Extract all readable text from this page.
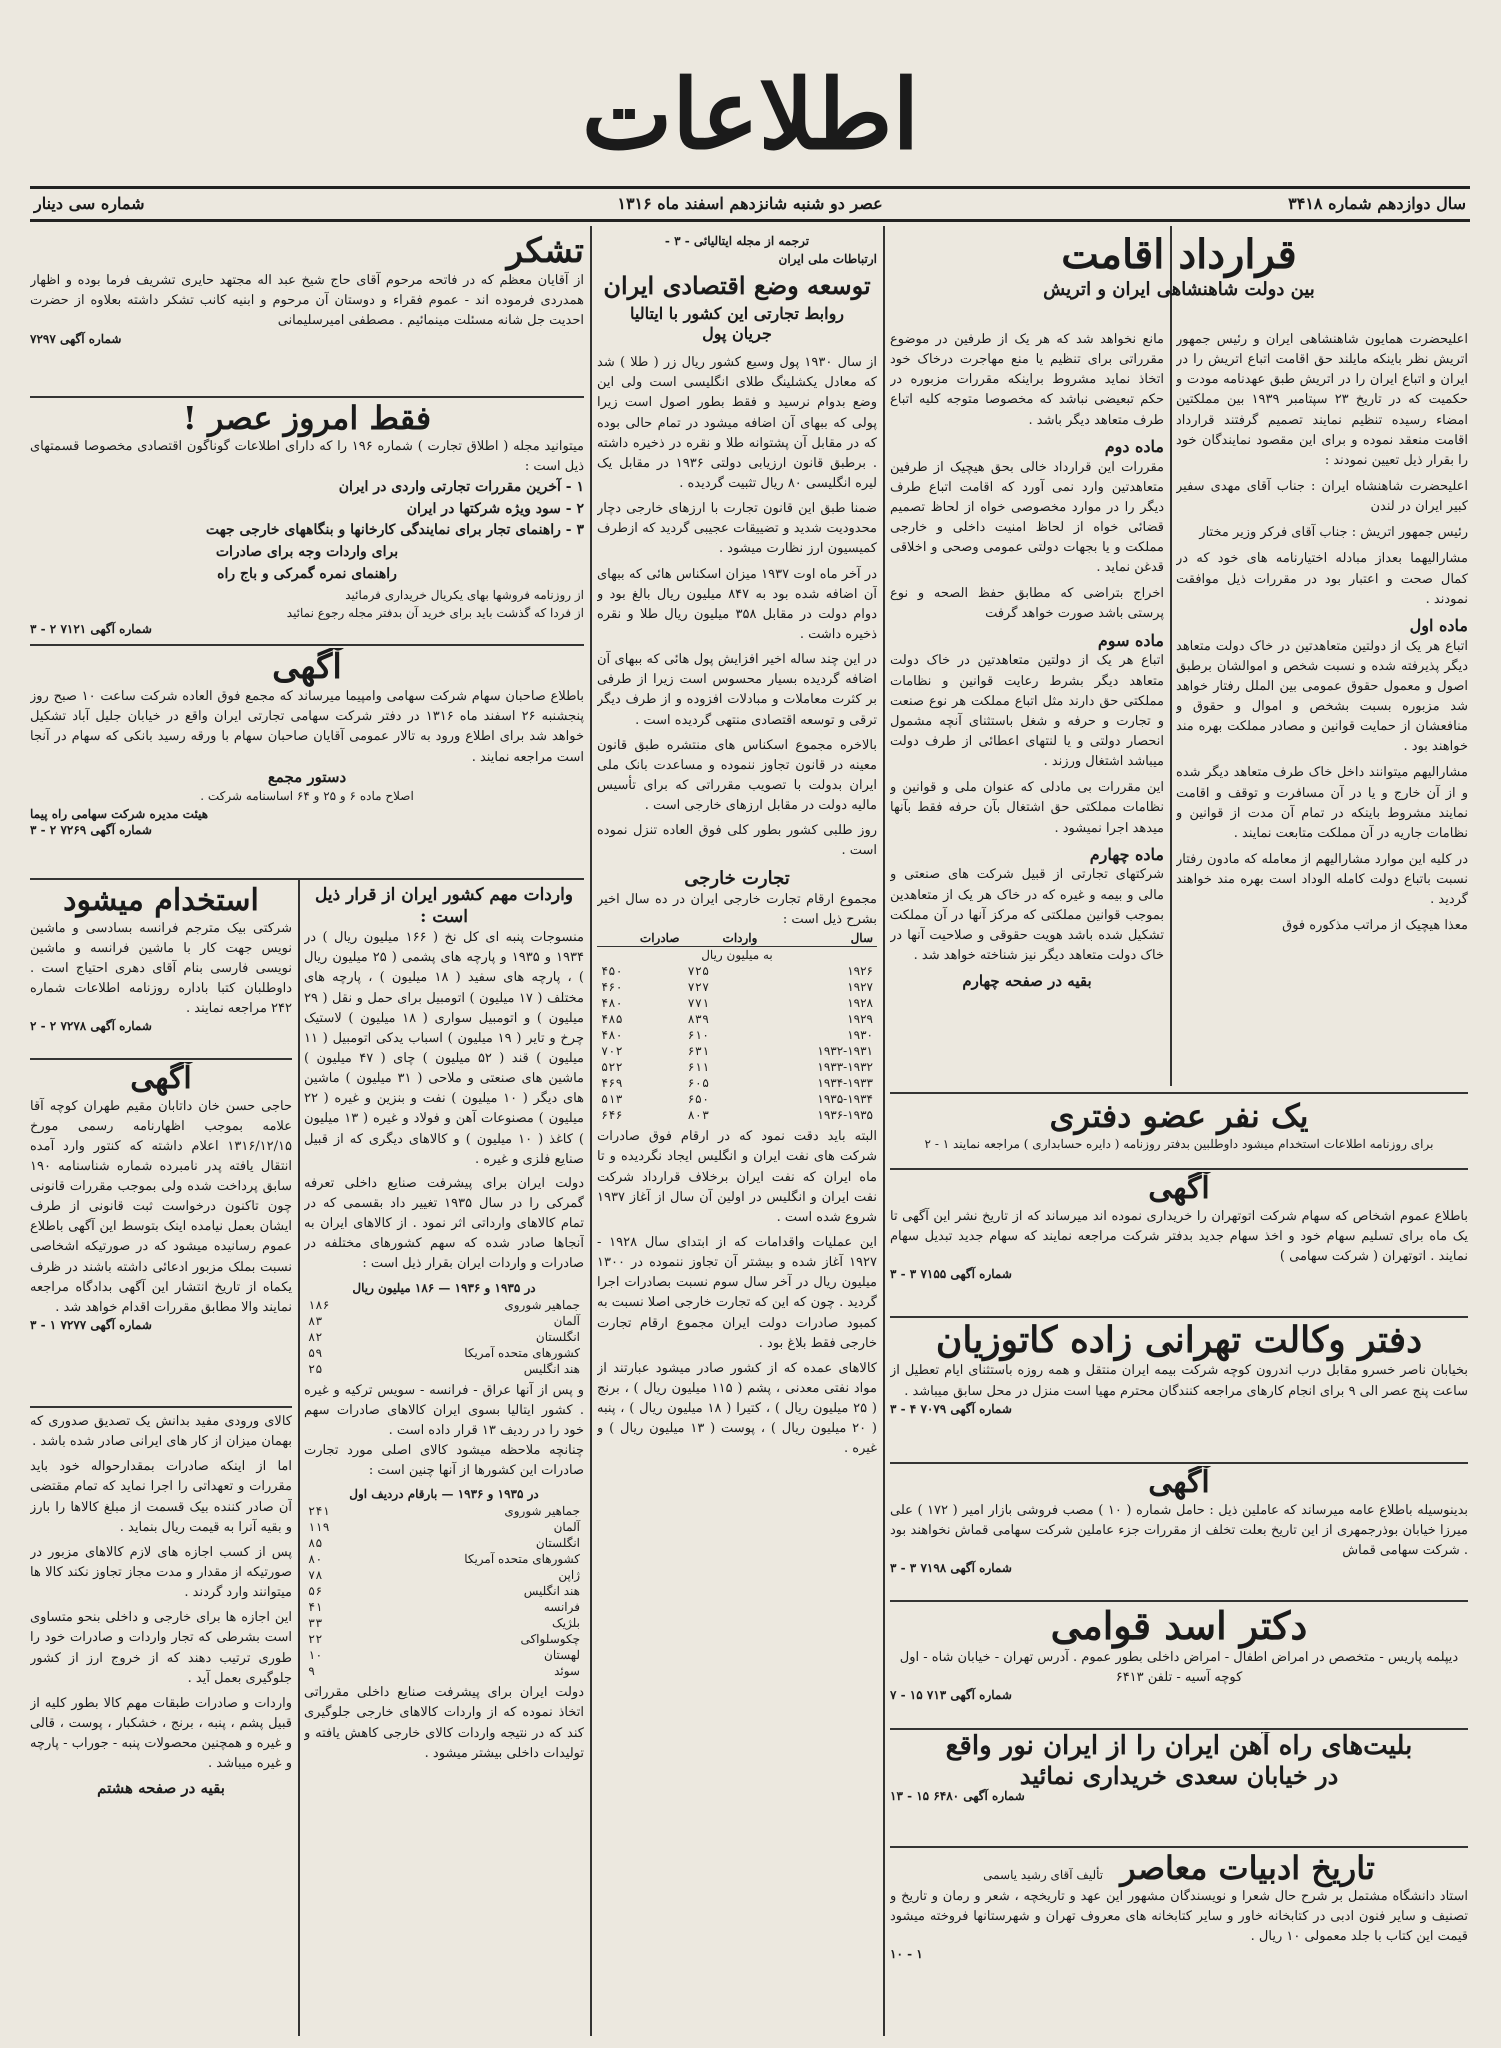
اطلاعات
سال دوازدهم شماره ۳۴۱۸
عصر دو شنبه شانزدهم اسفند ماه ۱۳۱۶
شماره سی دینار
قرارداد اقامت
بین دولت شاهنشاهی ایران و اتریش

اعلیحضرت همایون شاهنشاهی ایران و رئیس جمهور اتریش نظر باینکه مایلند حق اقامت اتباع اتریش را در ایران و اتباع ایران را در اتریش طبق عهدنامه مودت و حکمیت که در تاریخ ۲۳ سپتامبر ۱۹۳۹ بین مملکتین امضاء رسیده تنظیم نمایند تصمیم گرفتند قرارداد اقامت منعقد نموده و برای این مقصود نمایندگان خود را بقرار ذیل تعیین نمودند :

اعلیحضرت شاهنشاه ایران : جناب آقای مهدی سفیر کبیر ایران در لندن

رئیس جمهور اتریش : جناب آقای فرکر وزیر مختار

مشارالیهما بعداز مبادله اختیارنامه های خود که در کمال صحت و اعتبار بود در مقررات ذیل موافقت نمودند .

ماده اول

اتباع هر یک از دولتین متعاهدتین در خاک دولت متعاهد دیگر پذیرفته شده و نسبت شخص و اموالشان برطبق اصول و معمول حقوق عمومی بین الملل رفتار خواهد شد مزبوره بسبت بشخص و اموال و حقوق و منافعشان از حمایت قوانین و مصادر مملکت بهره مند خواهند بود .

مشارالیهم میتوانند داخل خاک طرف متعاهد دیگر شده و از آن خارج و یا در آن مسافرت و توقف و اقامت نمایند مشروط باینکه در تمام آن مدت از قوانین و نظامات جاریه در آن مملکت متابعت نمایند .

در کلیه این موارد مشارالیهم از معامله که مادون رفتار نسبت باتباع دولت کامله الوداد است بهره مند خواهند گردید .

معذا هیچیک از مراتب مذکوره فوق

مانع نخواهد شد که هر یک از طرفین در موضوع مقرراتی برای تنظیم یا منع مهاجرت درخاک خود اتخاذ نماید مشروط براینکه مقررات مزبوره در حکم تبعیضی نباشد که مخصوصا متوجه کلیه اتباع طرف متعاهد دیگر باشد .

ماده دوم

مقررات این قرارداد خالی بحق هیچیک از طرفین متعاهدتین وارد نمی آورد که اقامت اتباع طرف دیگر را در موارد مخصوصی خواه از لحاظ تصمیم قضائی خواه از لحاظ امنیت داخلی و خارجی مملکت و یا بجهات دولتی عمومی وصحی و اخلاقی قدغن نماید .

اخراج بتراضی که مطابق حفظ الصحه و نوع پرستی باشد صورت خواهد گرفت

ماده سوم

اتباع هر یک از دولتین متعاهدتین در خاک دولت متعاهد دیگر بشرط رعایت قوانین و نظامات مملکتی حق دارند مثل اتباع مملکت هر نوع صنعت و تجارت و حرفه و شغل باستثنای آنچه مشمول انحصار دولتی و یا لنتهای اعطائی از طرف دولت میباشد اشتغال ورزند .

این مقررات بی مادلی که عنوان ملی و قوانین و نظامات مملکتی حق اشتغال بآن حرفه فقط بآنها میدهد اجرا نمیشود .

ماده چهارم

شرکتهای تجارتی از قبیل شرکت های صنعتی و مالی و بیمه و غیره که در خاک هر یک از متعاهدین بموجب قوانین مملکتی که مرکز آنها در آن مملکت تشکیل شده باشد هویت حقوقی و صلاحیت آنها در خاک دولت متعاهد دیگر نیز شناخته خواهد شد .

بقیه در صفحه چهارم
یک نفر عضو دفتری
برای روزنامه اطلاعات استخدام میشود داوطلبین بدفتر روزنامه ( دایره حسابداری ) مراجعه نمایند ۱ - ۲
آگهی
باطلاع عموم اشخاص که سهام شرکت اتوتهران را خریداری نموده اند میرساند که از تاریخ نشر این آگهی تا یک ماه برای تسلیم سهام خود و اخذ سهام جدید بدفتر شرکت مراجعه نمایند که سهام جدید تبدیل سهام نمایند . اتوتهران ( شرکت سهامی )
شماره آگهی ۷۱۵۵ ۳ - ۳
دفتر وکالت تهرانی زاده کاتوزیان
بخیابان ناصر خسرو مقابل درب اندرون کوچه شرکت بیمه ایران منتقل و همه روزه باستثنای ایام تعطیل از ساعت پنج عصر الی ۹ برای انجام کارهای مراجعه کنندگان محترم مهیا است منزل در محل سابق میباشد .
شماره آگهی ۷۰۷۹ ۴ - ۳
آگهی
بدینوسیله باطلاع عامه میرساند که عاملین ذیل : حامل شماره ( ۱۰ ) مصب فروشی بازار امیر ( ۱۷۲ ) علی میرزا خیابان بوذرجمهری از این تاریخ بعلت تخلف از مقررات جزء عاملین شرکت سهامی قماش نخواهند بود . شرکت سهامی قماش
شماره آگهی ۷۱۹۸ ۳ - ۳
دکتر اسد قوامی
دیپلمه پاریس - متخصص در امراض اطفال - امراض داخلی بطور عموم . آدرس تهران - خیابان شاه - اول کوچه آسیه - تلفن ۶۴۱۳
شماره آگهی ۷۱۳ ۱۵ - ۷
بلیت‌های راه آهن ایران را از ایران نور واقع
در خیابان سعدی خریداری نمائید
شماره آگهی ۶۴۸۰ ۱۵ - ۱۳
تاریخ ادبیات معاصر تألیف آقای رشید یاسمی
استاد دانشگاه مشتمل بر شرح حال شعرا و نویسندگان مشهور این عهد و تاریخچه ، شعر و رمان و تاریخ و تصنیف و سایر فنون ادبی در کتابخانه خاور و سایر کتابخانه های معروف تهران و شهرستانها فروخته میشود قیمت این کتاب با جلد معمولی ۱۰ ریال .
۱ - ۱۰
ترجمه از مجله ایتالیائی - ۳ -
ارتباطات ملی ایران
توسعه وضع اقتصادی ایران
روابط تجارتی این کشور با ایتالیا
جریان پول

از سال ۱۹۳۰ پول وسیع کشور ریال زر ( طلا ) شد که معادل یکشلینگ طلای انگلیسی است ولی این وضع بدوام نرسید و فقط بطور اصول است زیرا پولی که ببهای آن اضافه میشود در تمام حالی بوده که در مقابل آن پشتوانه طلا و نقره در ذخیره داشته . برطبق قانون ارزیابی دولتی ۱۹۳۶ در مقابل یک لیره انگلیسی ۸۰ ریال تثبیت گردیده .

ضمنا طبق این قانون تجارت با ارزهای خارجی دچار محدودیت شدید و تضییقات عجیبی گردید که ازطرف کمیسیون ارز نظارت میشود .

در آخر ماه اوت ۱۹۳۷ میزان اسکناس هائی که ببهای آن اضافه شده بود به ۸۴۷ میلیون ریال بالغ بود و دوام دولت در مقابل ۳۵۸ میلیون ریال طلا و نقره ذخیره داشت .

در این چند ساله اخیر افزایش پول هائی که ببهای آن اضافه گردیده بسیار محسوس است زیرا از طرفی بر کثرت معاملات و مبادلات افزوده و از طرف دیگر ترقی و توسعه اقتصادی منتهی گردیده است .

بالاخره مجموع اسکناس های منتشره طبق قانون معینه در قانون تجاوز ننموده و مساعدت بانک ملی ایران بدولت با تصویب مقرراتی که برای تأسیس مالیه دولت در مقابل ارزهای خارجی است .

روز طلبی کشور بطور کلی فوق العاده تنزل نموده است .

تجارت خارجی
مجموع ارقام تجارت خارجی ایران در ده سال اخیر بشرح ذیل است :
سال	واردات	صادرات
به میلیون ریال		
۱۹۲۶	۷۲۵	۴۵۰
۱۹۲۷	۷۲۷	۴۶۰
۱۹۲۸	۷۷۱	۴۸۰
۱۹۲۹	۸۳۹	۴۸۵
۱۹۳۰	۶۱۰	۴۸۰
۱۹۳۲-۱۹۳۱	۶۳۱	۷۰۲
۱۹۳۳-۱۹۳۲	۶۱۱	۵۲۲
۱۹۳۴-۱۹۳۳	۶۰۵	۴۶۹
۱۹۳۵-۱۹۳۴	۶۵۰	۵۱۳
۱۹۳۶-۱۹۳۵	۸۰۳	۶۴۶

البته باید دقت نمود که در ارقام فوق صادرات شرکت های نفت ایران و انگلیس ایجاد نگردیده و تا ماه ایران که نفت ایران برخلاف قرارداد شرکت نفت ایران و انگلیس در اولین آن سال از آغاز ۱۹۳۷ شروع شده است .

این عملیات واقدامات که از ابتدای سال ۱۹۲۸ - ۱۹۲۷ آغاز شده و بیشتر آن تجاوز ننموده در ۱۳۰۰ میلیون ریال در آخر سال سوم نسبت بصادرات اجرا گردید . چون که این که تجارت خارجی اصلا نسبت به کمبود صادرات دولت ایران مجموع ارقام تجارت خارجی فقط بلاغ بود .

کالاهای عمده که از کشور صادر میشود عبارتند از مواد نفتی معدنی ، پشم ( ۱۱۵ میلیون ریال ) ، برنج ( ۲۵ میلیون ریال ) ، کتیرا ( ۱۸ میلیون ریال ) ، پنبه ( ۲۰ میلیون ریال ) ، پوست ( ۱۳ میلیون ریال ) و غیره .

تشکر
از آقایان معظم که در فاتحه مرحوم آقای حاج شیخ عبد اله مجتهد حایری تشریف فرما بوده و اظهار همدردی فرموده اند - عموم فقراء و دوستان آن مرحوم و ابنیه کانب تشکر داشته بعلاوه از حضرت احدیت جل شانه مسئلت مینمائیم . مصطفی امیرسلیمانی
شماره آگهی ۷۲۹۷
فقط امروز عصر !
میتوانید مجله ( اطلاق تجارت ) شماره ۱۹۶ را که دارای اطلاعات گوناگون اقتصادی مخصوصا قسمتهای ذیل است :
۱ - آخرین مقررات تجارتی واردی در ایران
۲ - سود ویژه شرکتها در ایران
۳ - راهنمای تجار برای نمایندگی کارخانها و بنگاههای خارجی جهت
برای واردات وجه برای صادرات
راهنمای نمره گمرکی و باج راه
از روزنامه فروشها بهای یکریال خریداری فرمائید
از فردا که گذشت باید برای خرید آن بدفتر مجله رجوع نمائید
شماره آگهی ۷۱۲۱ ۲ - ۳
آگهی
باطلاع صاحبان سهام شرکت سهامی وامپیما میرساند که مجمع فوق العاده شرکت ساعت ۱۰ صبح روز پنجشنبه ۲۶ اسفند ماه ۱۳۱۶ در دفتر شرکت سهامی تجارتی ایران واقع در خیابان جلیل آباد تشکیل خواهد شد برای اطلاع ورود به تالار عمومی آقایان صاحبان سهام با ورقه رسید بانکی که سهام در آنجا است مراجعه نمایند .
دستور مجمع
اصلاح ماده ۶ و ۲۵ و ۶۴ اساسنامه شرکت .
هیئت مدیره شرکت سهامی راه پیما
شماره آگهی ۷۲۶۹ ۲ - ۳
واردات مهم کشور ایران از قرار ذیل است :
منسوجات پنبه ای کل نخ ( ۱۶۶ میلیون ریال ) در ۱۹۳۴ و ۱۹۳۵ و پارچه های پشمی ( ۲۵ میلیون ریال ) ، پارچه های سفید ( ۱۸ میلیون ) ، پارچه های مختلف ( ۱۷ میلیون ) اتومبیل برای حمل و نقل ( ۲۹ میلیون ) و اتومبیل سواری ( ۱۸ میلیون ) لاستیک چرخ و تایر ( ۱۹ میلیون ) اسباب یدکی اتومبیل ( ۱۱ میلیون ) قند ( ۵۲ میلیون ) چای ( ۴۷ میلیون ) ماشین های صنعتی و ملاحی ( ۳۱ میلیون ) ماشین های دیگر ( ۱۰ میلیون ) نفت و بنزین و غیره ( ۲۲ میلیون ) مصنوعات آهن و فولاد و غیره ( ۱۳ میلیون ) کاغذ ( ۱۰ میلیون ) و کالاهای دیگری که از قبیل صنایع فلزی و غیره .
دولت ایران برای پیشرفت صنایع داخلی تعرفه گمرکی را در سال ۱۹۳۵ تغییر داد بقسمی که در تمام کالاهای وارداتی اثر نمود . از کالاهای ایران به آنجاها صادر شده که سهم کشورهای مختلفه در صادرات و واردات ایران بقرار ذیل است :
در ۱۹۳۵ و ۱۹۳۶ — ۱۸۶ میلیون ریال
جماهیر شوروی	۱۸۶
آلمان	۸۳
انگلستان	۸۲
کشورهای متحده آمریکا	۵۹
هند انگلیس	۲۵
و پس از آنها عراق - فرانسه - سویس ترکیه و غیره . کشور ایتالیا بسوی ایران کالاهای صادرات سهم خود را در ردیف ۱۳ قرار داده است .
چنانچه ملاحظه میشود کالای اصلی مورد تجارت صادرات این کشورها از آنها چنین است :
در ۱۹۳۵ و ۱۹۳۶ — بارقام دردیف اول
جماهیر شوروی	۲۴۱
آلمان	۱۱۹
انگلستان	۸۵
کشورهای متحده آمریکا	۸۰
ژاپن	۷۸
هند انگلیس	۵۶
فرانسه	۴۱
بلژیک	۳۳
چکوسلواکی	۲۲
لهستان	۱۰
سوئد	۹
دولت ایران برای پیشرفت صنایع داخلی مقرراتی اتخاذ نموده که از واردات کالاهای خارجی جلوگیری کند که در نتیجه واردات کالای خارجی کاهش یافته و تولیدات داخلی بیشتر میشود .
استخدام میشود
شرکتی بیک مترجم فرانسه بسادسی و ماشین نویس جهت کار با ماشین فرانسه و ماشین نویسی فارسی بنام آقای دهری احتیاج است . داوطلبان کتبا باداره روزنامه اطلاعات شماره ۲۴۲ مراجعه نمایند .
شماره آگهی ۷۲۷۸ ۲ - ۲
آگهی
حاجی حسن خان داتابان مقیم طهران کوچه آقا علامه بموجب اظهارنامه رسمی مورخ ۱۳۱۶/۱۲/۱۵ اعلام داشته که کنتور وارد آمده انتقال یافته پدر نامبرده شماره شناسنامه ۱۹۰ سابق پرداخت شده ولی بموجب مقررات قانونی چون تاکنون درخواست ثبت قانونی از طرف ایشان بعمل نیامده اینک بتوسط این آگهی باطلاع عموم رسانیده میشود که در صورتیکه اشخاصی نسبت بملک مزبور ادعائی داشته باشند در ظرف یکماه از تاریخ انتشار این آگهی بدادگاه مراجعه نمایند والا مطابق مقررات اقدام خواهد شد .
شماره آگهی ۷۲۷۷ ۱ - ۳

کالای ورودی مفید بدانش یک تصدیق صدوری که بهمان میزان از کار های ایرانی صادر شده باشد .

اما از اینکه صادرات بمقدارحواله خود باید مقررات و تعهداتی را اجرا نماید که تمام مقتضی آن صادر کننده بیک قسمت از مبلغ کالاها را بارز و بقیه آنرا به قیمت ریال بنماید .

پس از کسب اجازه های لازم کالاهای مزبور در صورتیکه از مقدار و مدت مجاز تجاوز نکند کالا ها میتوانند وارد گردند .

این اجازه ها برای خارجی و داخلی بنحو متساوی است بشرطی که تجار واردات و صادرات خود را طوری ترتیب دهند که از خروج ارز از کشور جلوگیری بعمل آید .

واردات و صادرات طبقات مهم کالا بطور کلیه از قبیل پشم ، پنبه ، برنج ، خشکبار ، پوست ، قالی و غیره و همچنین محصولات پنبه - جوراب - پارچه و غیره میباشد .

بقیه در صفحه هشتم
